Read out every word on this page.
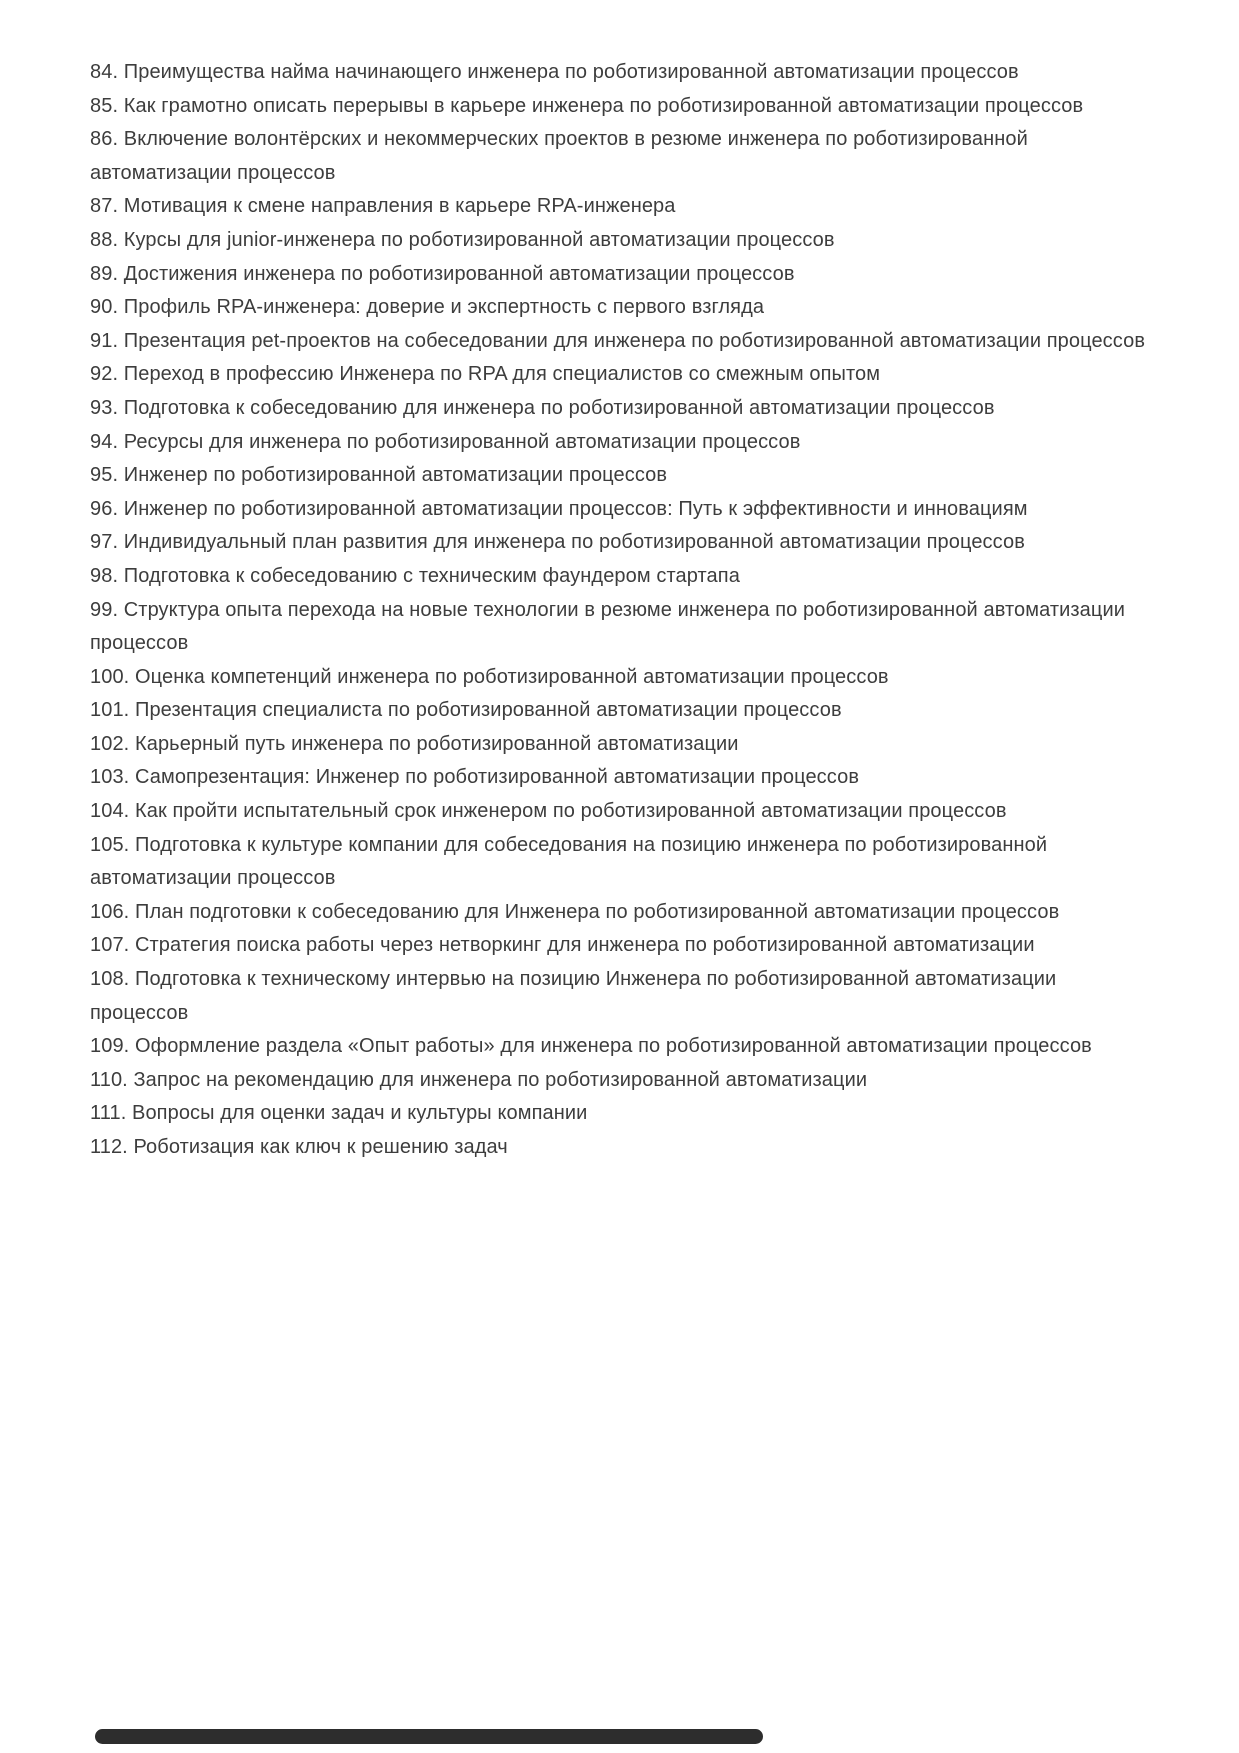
84. Преимущества найма начинающего инженера по роботизированной автоматизации процессов

85. Как грамотно описать перерывы в карьере инженера по роботизированной автоматизации процессов

86. Включение волонтёрских и некоммерческих проектов в резюме инженера по роботизированной автоматизации процессов

87. Мотивация к смене направления в карьере RPA-инженера

88. Курсы для junior-инженера по роботизированной автоматизации процессов

89. Достижения инженера по роботизированной автоматизации процессов

90. Профиль RPA-инженера: доверие и экспертность с первого взгляда

91. Презентация pet-проектов на собеседовании для инженера по роботизированной автоматизации процессов

92. Переход в профессию Инженера по RPA для специалистов со смежным опытом

93. Подготовка к собеседованию для инженера по роботизированной автоматизации процессов

94. Ресурсы для инженера по роботизированной автоматизации процессов

95. Инженер по роботизированной автоматизации процессов

96. Инженер по роботизированной автоматизации процессов: Путь к эффективности и инновациям

97. Индивидуальный план развития для инженера по роботизированной автоматизации процессов

98. Подготовка к собеседованию с техническим фаундером стартапа

99. Структура опыта перехода на новые технологии в резюме инженера по роботизированной автоматизации процессов

100. Оценка компетенций инженера по роботизированной автоматизации процессов

101. Презентация специалиста по роботизированной автоматизации процессов

102. Карьерный путь инженера по роботизированной автоматизации

103. Самопрезентация: Инженер по роботизированной автоматизации процессов

104. Как пройти испытательный срок инженером по роботизированной автоматизации процессов

105. Подготовка к культуре компании для собеседования на позицию инженера по роботизированной автоматизации процессов

106. План подготовки к собеседованию для Инженера по роботизированной автоматизации процессов

107. Стратегия поиска работы через нетворкинг для инженера по роботизированной автоматизации

108. Подготовка к техническому интервью на позицию Инженера по роботизированной автоматизации процессов

109. Оформление раздела «Опыт работы» для инженера по роботизированной автоматизации процессов

110. Запрос на рекомендацию для инженера по роботизированной автоматизации

111. Вопросы для оценки задач и культуры компании

112. Роботизация как ключ к решению задач
